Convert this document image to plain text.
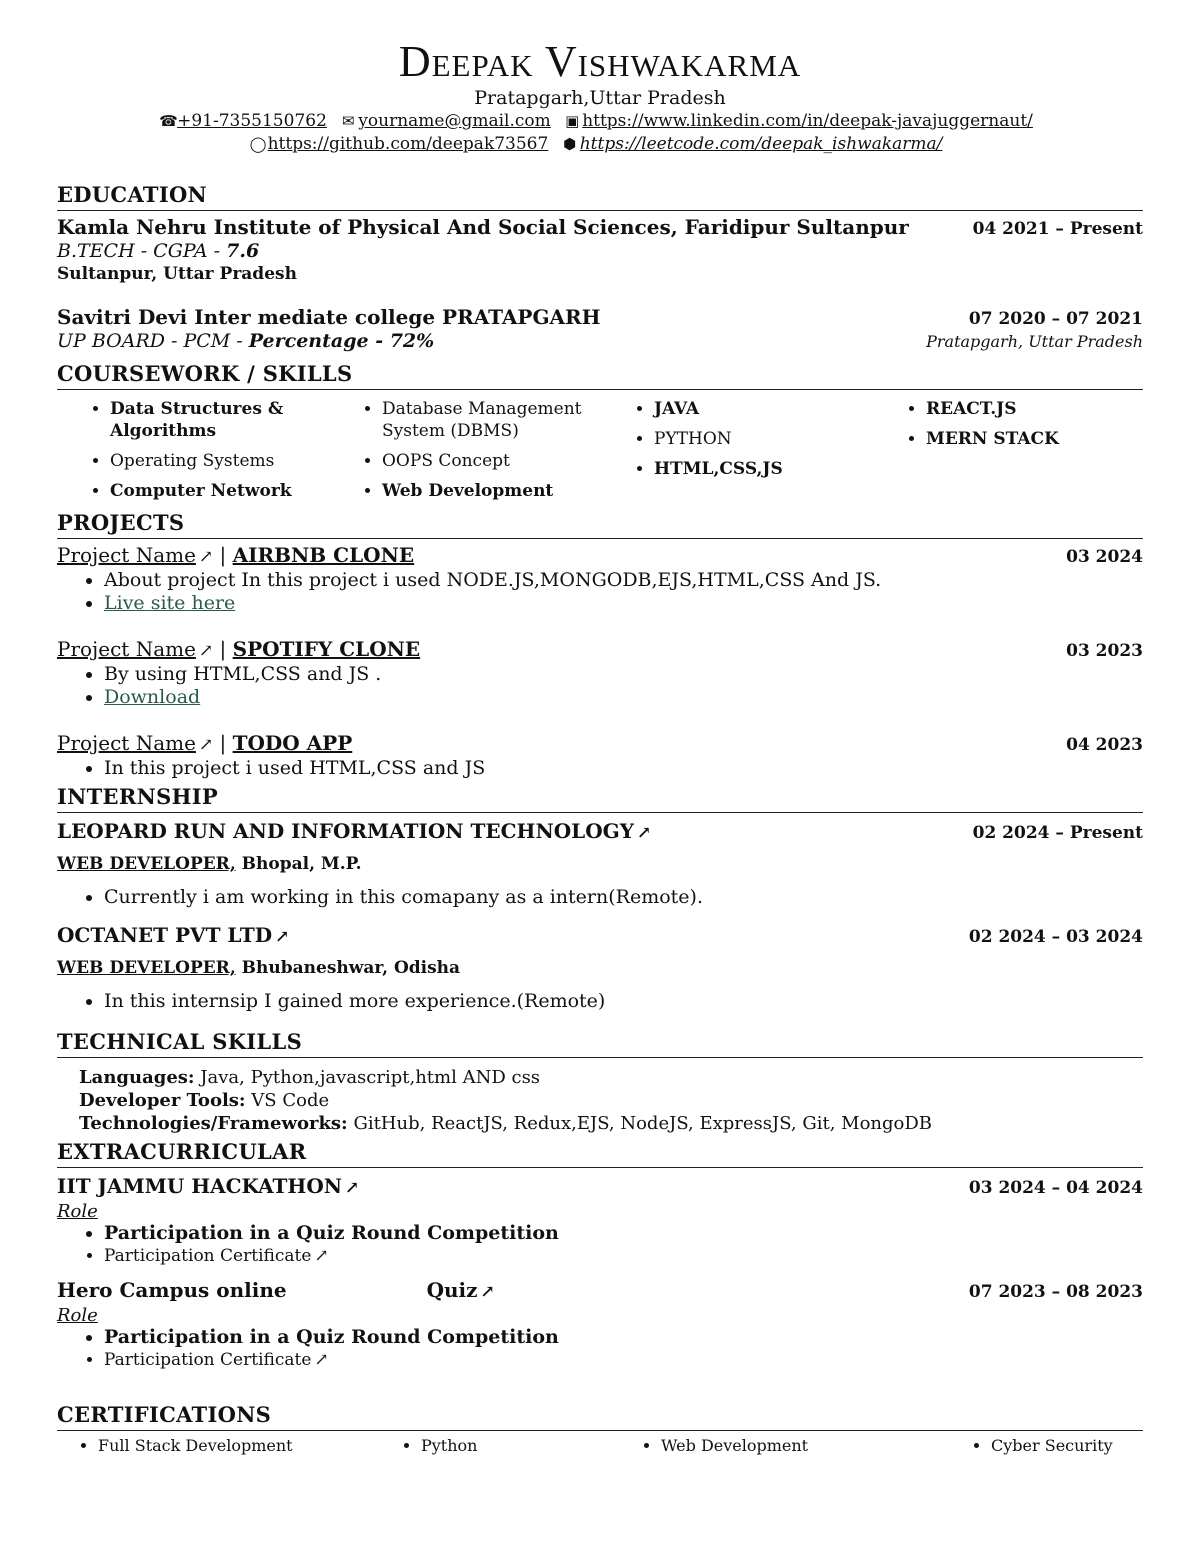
Deepak Vishwakarma
Pratapgarh,Uttar Pradesh
☎+91-7355150762 ✉ yourname@gmail.com ▣ https://www.linkedin.com/in/deepak-javajuggernaut/
◯https://github.com/deepak73567 ⬢ https://leetcode.com/deepak_ishwakarma/
EDUCATION
Kamla Nehru Institute of Physical And Social Sciences, Faridipur Sultanpur	04 2021 – Present
B.TECH - CGPA - 7.6
Sultanpur, Uttar Pradesh
Savitri Devi Inter mediate college PRATAPGARH	07 2020 – 07 2021
UP BOARD - PCM - Percentage - 72%	Pratapgarh, Uttar Pradesh
COURSEWORK / SKILLS
• Data Structures & Algorithms
• Operating Systems
• Computer Network
• Database Management System (DBMS)
• OOPS Concept
• Web Development
• JAVA
• PYTHON
• HTML,CSS,JS
• REACT.JS
• MERN STACK
PROJECTS
Project Name ↗ | AIRBNB CLONE	03 2024
• About project In this project i used NODE.JS,MONGODB,EJS,HTML,CSS And JS.
• Live site here
Project Name ↗ | SPOTIFY CLONE	03 2023
• By using HTML,CSS and JS .
• Download
Project Name ↗ | TODO APP	04 2023
• In this project i used HTML,CSS and JS
INTERNSHIP
LEOPARD RUN AND INFORMATION TECHNOLOGY ↗	02 2024 – Present
WEB DEVELOPER, Bhopal, M.P.
• Currently i am working in this comapany as a intern(Remote).
OCTANET PVT LTD ↗	02 2024 – 03 2024
WEB DEVELOPER, Bhubaneshwar, Odisha
• In this internsip I gained more experience.(Remote)
TECHNICAL SKILLS
Languages: Java, Python,javascript,html AND css
Developer Tools: VS Code
Technologies/Frameworks: GitHub, ReactJS, Redux,EJS, NodeJS, ExpressJS, Git, MongoDB
EXTRACURRICULAR
IIT JAMMU HACKATHON ↗	03 2024 – 04 2024
Role
• Participation in a Quiz Round Competition
• Participation Certificate ↗
Hero Campus online	Quiz ↗	07 2023 – 08 2023
Role
• Participation in a Quiz Round Competition
• Participation Certificate ↗
CERTIFICATIONS
• Full Stack Development	• Python	• Web Development	• Cyber Security
